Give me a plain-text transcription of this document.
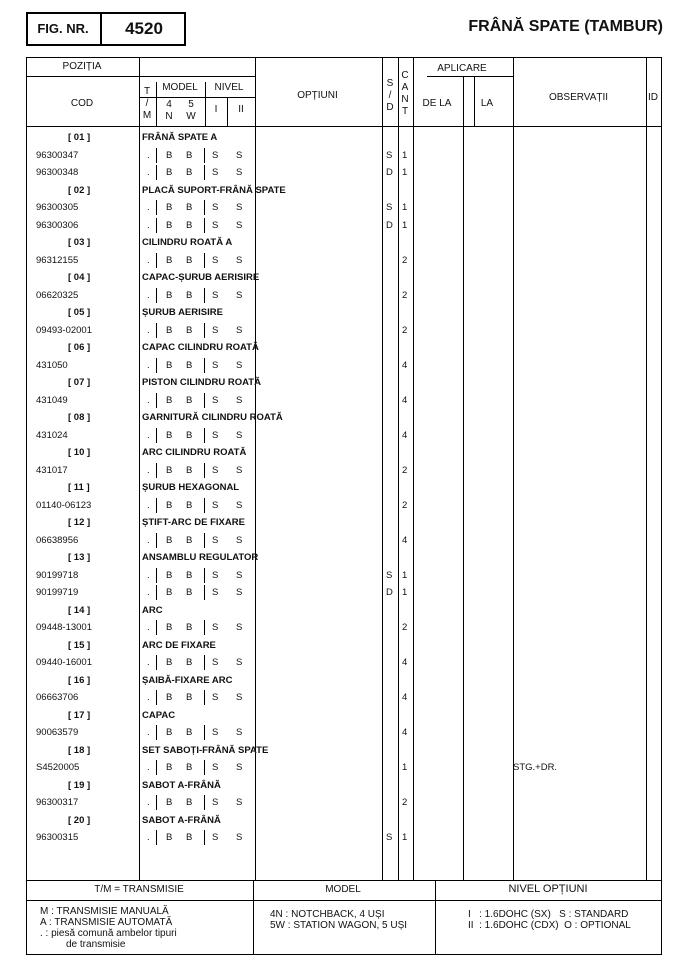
FIG. NR.	4520	FRÂNĂ SPATE (TAMBUR)
POZIȚIA
COD
T / M
MODEL
4 N
5 W
NIVEL
I	II
OPȚIUNI
S / D
C A N T
APLICARE
DE LA	LA
OBSERVAȚII	ID
[ 01 ]	FRÂNĂ SPATE A
96300347	. B B S S	S 1
96300348	. B B S S	D 1
[ 02 ]	PLACĂ SUPORT-FRÂNĂ SPATE
96300305	. B B S S	S 1
96300306	. B B S S	D 1
[ 03 ]	CILINDRU ROATĂ A
96312155	. B B S S	2
[ 04 ]	CAPAC-ȘURUB AERISIRE
06620325	. B B S S	2
[ 05 ]	ȘURUB AERISIRE
09493-02001	. B B S S	2
[ 06 ]	CAPAC CILINDRU ROATĂ
431050	. B B S S	4
[ 07 ]	PISTON CILINDRU ROATĂ
431049	. B B S S	4
[ 08 ]	GARNITURĂ CILINDRU ROATĂ
431024	. B B S S	4
[ 10 ]	ARC CILINDRU ROATĂ
431017	. B B S S	2
[ 11 ]	ȘURUB HEXAGONAL
01140-06123	. B B S S	2
[ 12 ]	ȘTIFT-ARC DE FIXARE
06638956	. B B S S	4
[ 13 ]	ANSAMBLU REGULATOR
90199718	. B B S S	S 1
90199719	. B B S S	D 1
[ 14 ]	ARC
09448-13001	. B B S S	2
[ 15 ]	ARC DE FIXARE
09440-16001	. B B S S	4
[ 16 ]	ȘAIBĂ-FIXARE ARC
06663706	. B B S S	4
[ 17 ]	CAPAC
90063579	. B B S S	4
[ 18 ]	SET SABOȚI-FRÂNĂ SPATE
S4520005	. B B S S	1	STG.+DR.
[ 19 ]	SABOT A-FRÂNĂ
96300317	. B B S S	2
[ 20 ]	SABOT A-FRÂNĂ
96300315	. B B S S	S 1
T/M = TRANSMISIE
M : TRANSMISIE MANUALĂ
A : TRANSMISIE AUTOMATĂ
. : piesă comună ambelor tipuri
de transmisie
MODEL
4N : NOTCHBACK, 4 UȘI
5W : STATION WAGON, 5 UȘI
NIVEL OPȚIUNI
I   : 1.6DOHC (SX)   S : STANDARD
II  : 1.6DOHC (CDX)  O : OPTIONAL
